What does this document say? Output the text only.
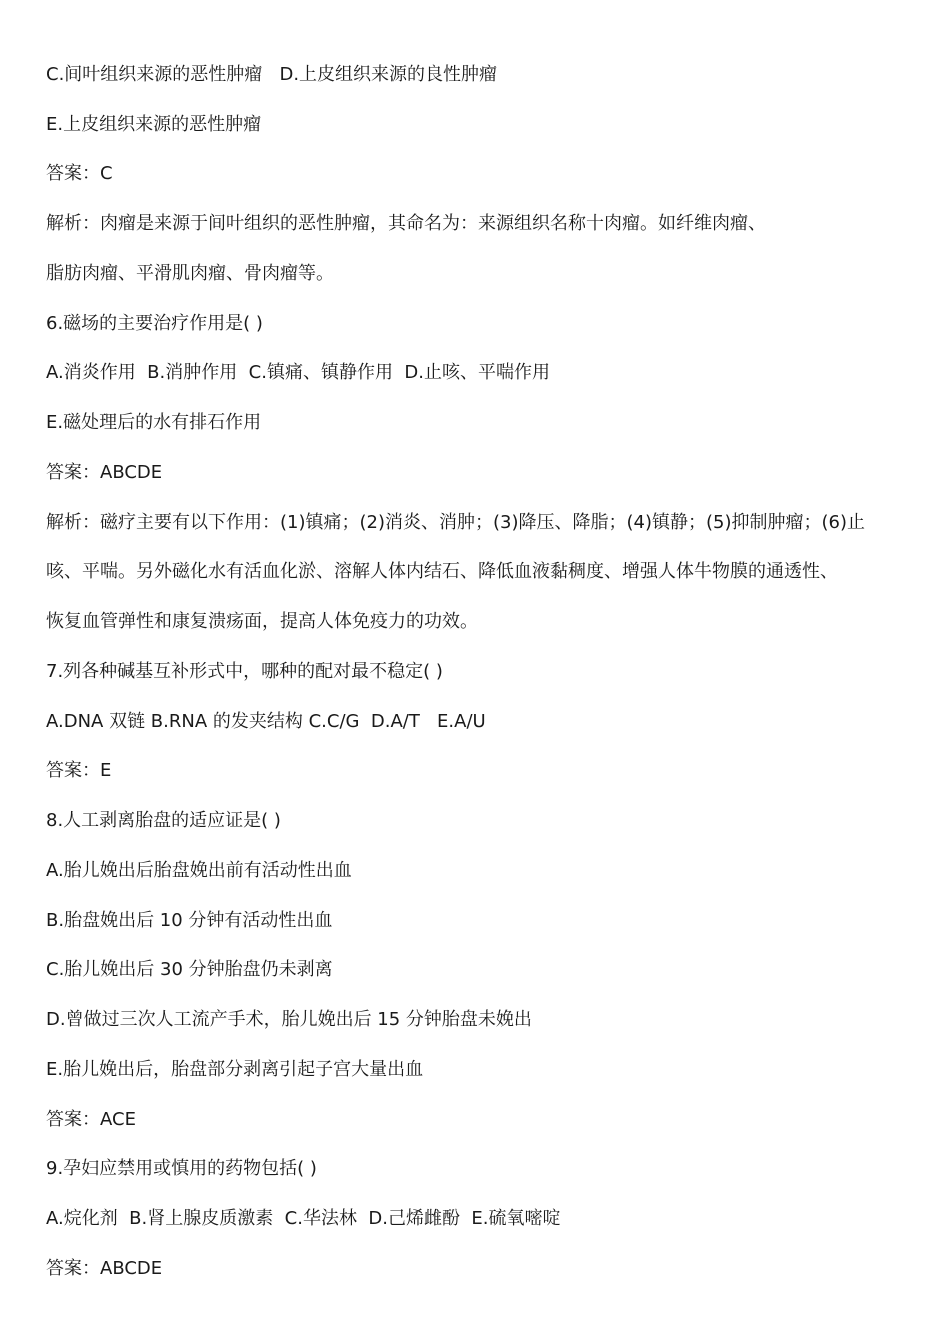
C.间叶组织来源的恶性肿瘤   D.上皮组织来源的良性肿瘤
E.上皮组织来源的恶性肿瘤
答案：C
解析：肉瘤是来源于间叶组织的恶性肿瘤，其命名为：来源组织名称十肉瘤。如纤维肉瘤、
脂肪肉瘤、平滑肌肉瘤、骨肉瘤等。
6.磁场的主要治疗作用是( )
A.消炎作用  B.消肿作用  C.镇痛、镇静作用  D.止咳、平喘作用
E.磁处理后的水有排石作用
答案：ABCDE
解析：磁疗主要有以下作用：(1)镇痛；(2)消炎、消肿；(3)降压、降脂；(4)镇静；(5)抑制肿瘤；(6)止
咳、平喘。另外磁化水有活血化淤、溶解人体内结石、降低血液黏稠度、增强人体牛物膜的通透性、
恢复血管弹性和康复溃疡面，提高人体免疫力的功效。
7.列各种碱基互补形式中，哪种的配对最不稳定( )
A.DNA 双链 B.RNA 的发夹结构 C.C/G  D.A/T   E.A/U
答案：E
8.人工剥离胎盘的适应证是( )
A.胎儿娩出后胎盘娩出前有活动性出血
B.胎盘娩出后 10 分钟有活动性出血
C.胎儿娩出后 30 分钟胎盘仍未剥离
D.曾做过三次人工流产手术，胎儿娩出后 15 分钟胎盘未娩出
E.胎儿娩出后，胎盘部分剥离引起子宫大量出血
答案：ACE
9.孕妇应禁用或慎用的药物包括( )
A.烷化剂  B.肾上腺皮质激素  C.华法林  D.己烯雌酚  E.硫氧嘧啶
答案：ABCDE
